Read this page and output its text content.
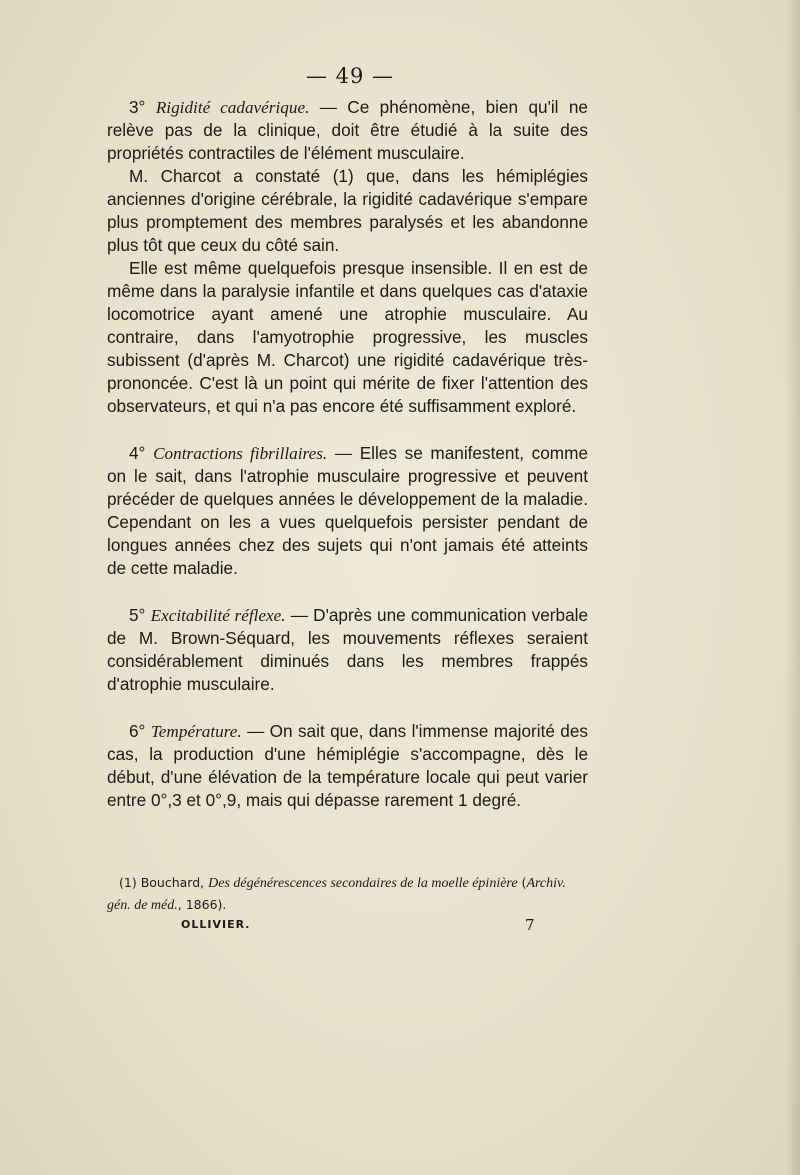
— 49 —

3° Rigidité cadavérique. — Ce phénomène, bien qu'il ne relève pas de la clinique, doit être étudié à la suite des propriétés contractiles de l'élément musculaire.

M. Charcot a constaté (1) que, dans les hémiplégies anciennes d'origine cérébrale, la rigidité cadavérique s'empare plus promptement des membres paralysés et les abandonne plus tôt que ceux du côté sain.

Elle est même quelquefois presque insensible. Il en est de même dans la paralysie infantile et dans quelques cas d'ataxie locomotrice ayant amené une atrophie musculaire. Au contraire, dans l'amyotrophie progressive, les muscles subissent (d'après M. Charcot) une rigidité cadavérique très-prononcée. C'est là un point qui mérite de fixer l'attention des observateurs, et qui n'a pas encore été suffisamment exploré.

4° Contractions fibrillaires. — Elles se manifestent, comme on le sait, dans l'atrophie musculaire progressive et peuvent précéder de quelques années le développement de la maladie. Cependant on les a vues quelquefois persister pendant de longues années chez des sujets qui n'ont jamais été atteints de cette maladie.

5° Excitabilité réflexe. — D'après une communication verbale de M. Brown-Séquard, les mouvements réflexes seraient considérablement diminués dans les membres frappés d'atrophie musculaire.

6° Température. — On sait que, dans l'immense majorité des cas, la production d'une hémiplégie s'accompagne, dès le début, d'une élévation de la température locale qui peut varier entre 0°,3 et 0°,9, mais qui dépasse rarement 1 degré.

(1) Bouchard, Des dégénérescences secondaires de la moelle épinière (Archiv. gén. de méd., 1866).

OLLIVIER.	7
